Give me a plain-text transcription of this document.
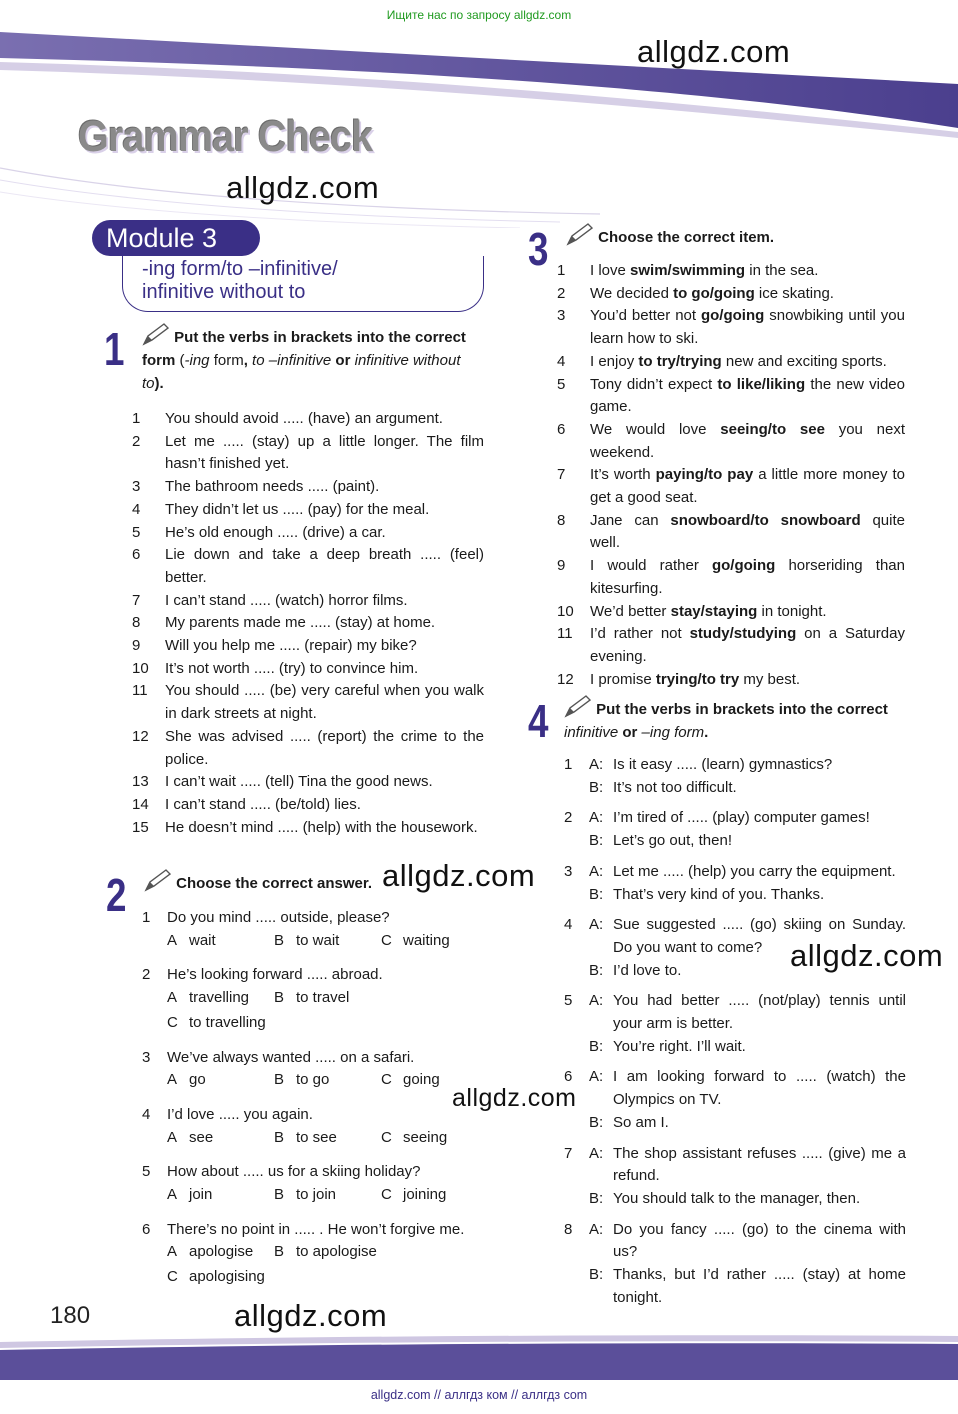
Ищите нас по запросу allgdz.com
allgdz.com
Grammar Check
allgdz.com
Module 3
-ing form/to –infinitive/
infinitive without to
1	Put the verbs in brackets into the correct form (-ing form, to –infinitive or infinitive without to).
1 You should avoid ..... (have) an argument.
2 Let me ..... (stay) up a little longer. The film hasn’t finished yet.
3 The bathroom needs ..... (paint).
4 They didn’t let us ..... (pay) for the meal.
5 He’s old enough ..... (drive) a car.
6 Lie down and take a deep breath ..... (feel) better.
7 I can’t stand ..... (watch) horror films.
8 My parents made me ..... (stay) at home.
9 Will you help me ..... (repair) my bike?
10 It’s not worth ..... (try) to convince him.
11 You should ..... (be) very careful when you walk in dark streets at night.
12 She was advised ..... (report) the crime to the police.
13 I can’t wait ..... (tell) Tina the good news.
14 I can’t stand ..... (be/told) lies.
15 He doesn’t mind ..... (help) with the housework.
2	Choose the correct answer. allgdz.com
1 Do you mind ..... outside, please?
A wait	B to wait	C waiting
2 He’s looking forward ..... abroad.
A travelling	B to travel
C to travelling
3 We’ve always wanted ..... on a safari.
A go	B to go	C going
4 I’d love ..... you again.
A see	B to see	C seeing
5 How about ..... us for a skiing holiday?
A join	B to join	C joining
6 There’s no point in ..... . He won’t forgive me.
A apologise	B to apologise
C apologising
allgdz.com
3	Choose the correct item.
1 I love swim/swimming in the sea.
2 We decided to go/going ice skating.
3 You’d better not go/going snowbiking until you learn how to ski.
4 I enjoy to try/trying new and exciting sports.
5 Tony didn’t expect to like/liking the new video game.
6 We would love seeing/to see you next weekend.
7 It’s worth paying/to pay a little more money to get a good seat.
8 Jane can snowboard/to snowboard quite well.
9 I would rather go/going horseriding than kitesurfing.
10 We’d better stay/staying in tonight.
11 I’d rather not study/studying on a Saturday evening.
12 I promise trying/to try my best.
4	Put the verbs in brackets into the correct infinitive or –ing form.
1 A: Is it easy ..... (learn) gymnastics?
B: It’s not too difficult.
2 A: I’m tired of ..... (play) computer games!
B: Let’s go out, then!
3 A: Let me ..... (help) you carry the equipment.
B: That’s very kind of you. Thanks.
4 A: Sue suggested ..... (go) skiing on Sunday. Do you want to come?
B: I’d love to.
5 A: You had better ..... (not/play) tennis until your arm is better.
B: You’re right. I’ll wait.
6 A: I am looking forward to ..... (watch) the Olympics on TV.
B: So am I.
7 A: The shop assistant refuses ..... (give) me a refund.
B: You should talk to the manager, then.
8 A: Do you fancy ..... (go) to the cinema with us?
B: Thanks, but I’d rather ..... (stay) at home tonight.
allgdz.com
180	allgdz.com
allgdz.com // аллгдз ком // аллгдз com
